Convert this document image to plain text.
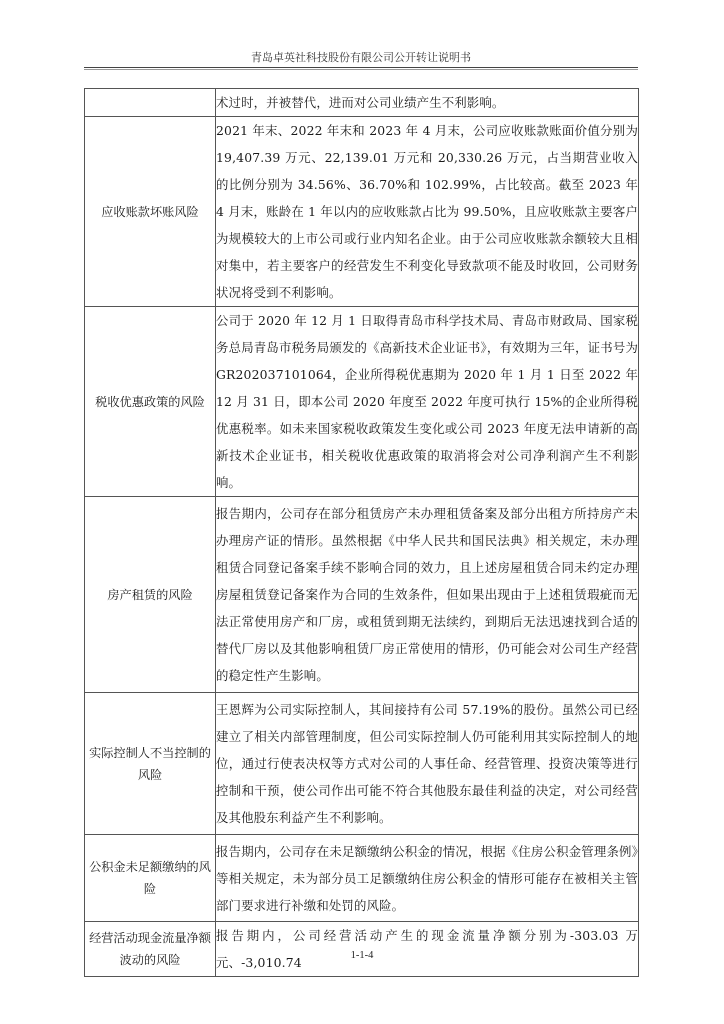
青岛卓英社科技股份有限公司公开转让说明书
	术过时，并被替代，进而对公司业绩产生不利影响。
应收账款坏账风险	2021 年末、2022 年末和 2023 年 4 月末，公司应收账款账面价值分别为 19,407.39 万元、22,139.01 万元和 20,330.26 万元，占当期营业收入的比例分别为 34.56%、36.70%和 102.99%，占比较高。截至 2023 年 4 月末，账龄在 1 年以内的应收账款占比为 99.50%，且应收账款主要客户为规模较大的上市公司或行业内知名企业。由于公司应收账款余额较大且相对集中，若主要客户的经营发生不利变化导致款项不能及时收回，公司财务状况将受到不利影响。
税收优惠政策的风险	公司于 2020 年 12 月 1 日取得青岛市科学技术局、青岛市财政局、国家税务总局青岛市税务局颁发的《高新技术企业证书》，有效期为三年，证书号为 GR202037101064，企业所得税优惠期为 2020 年 1 月 1 日至 2022 年 12 月 31 日，即本公司 2020 年度至 2022 年度可执行 15%的企业所得税优惠税率。如未来国家税收政策发生变化或公司 2023 年度无法申请新的高新技术企业证书，相关税收优惠政策的取消将会对公司净利润产生不利影响。
房产租赁的风险	报告期内，公司存在部分租赁房产未办理租赁备案及部分出租方所持房产未办理房产证的情形。虽然根据《中华人民共和国民法典》相关规定，未办理租赁合同登记备案手续不影响合同的效力，且上述房屋租赁合同未约定办理房屋租赁登记备案作为合同的生效条件，但如果出现由于上述租赁瑕疵而无法正常使用房产和厂房，或租赁到期无法续约，到期后无法迅速找到合适的替代厂房以及其他影响租赁厂房正常使用的情形，仍可能会对公司生产经营的稳定性产生影响。
实际控制人不当控制的风险	王恩辉为公司实际控制人，其间接持有公司 57.19%的股份。虽然公司已经建立了相关内部管理制度，但公司实际控制人仍可能利用其实际控制人的地位，通过行使表决权等方式对公司的人事任命、经营管理、投资决策等进行控制和干预，使公司作出可能不符合其他股东最佳利益的决定，对公司经营及其他股东利益产生不利影响。
公积金未足额缴纳的风险	报告期内，公司存在未足额缴纳公积金的情况，根据《住房公积金管理条例》等相关规定，未为部分员工足额缴纳住房公积金的情形可能存在被相关主管部门要求进行补缴和处罚的风险。
经营活动现金流量净额波动的风险	报告期内，公司经营活动产生的现金流量净额分别为-303.03 万元、-3,010.74	1-1-4
